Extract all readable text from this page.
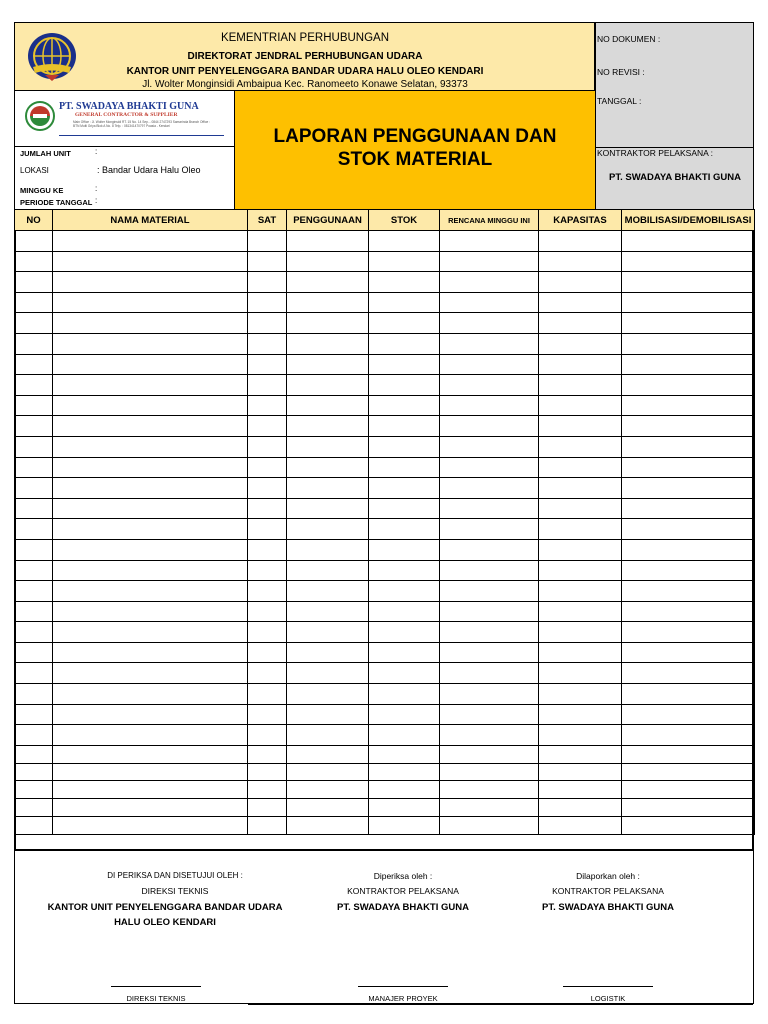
KEMENTRIAN PERHUBUNGAN
DIREKTORAT JENDRAL PERHUBUNGAN UDARA
KANTOR UNIT PENYELENGGARA BANDAR UDARA HALU OLEO KENDARI
Jl. Wolter Monginsidi Ambaipua Kec. Ranomeeto Konawe Selatan, 93373
NO DOKUMEN :
NO REVISI :
TANGGAL :
KONTRAKTOR PELAKSANA :
PT. SWADAYA BHAKTI GUNA
PT. SWADAYA BHAKTI GUNA
GENERAL CONTRACTOR & SUPPLIER
Main Office : Jl. Wolter Monginsidi RT. 15 No. 14 Sep... 0844 2747293 Samarinda Branch Office : BTN Multi Griya Blok A No. 8 Telp. : 081341470797 Poasia - Kendari	LAPORAN PENGGUNAAN DAN
STOK MATERIAL
JUMLAH UNIT	:
LOKASI	: Bandar Udara Halu Oleo
MINGGU KE	:
PERIODE TANGGAL :
NO	NAMA MATERIAL	SAT	PENGGUNAAN	STOK	RENCANA MINGGU INI	KAPASITAS	MOBILISASI/DEMOBILISASI

DI PERIKSA DAN DISETUJUI OLEH :
DIREKSI TEKNIS
KANTOR UNIT PENYELENGGARA BANDAR UDARA
HALU OLEO KENDARI
DIREKSI TEKNIS
Diperiksa oleh :
KONTRAKTOR PELAKSANA
PT. SWADAYA BHAKTI GUNA
MANAJER PROYEK
Dilaporkan oleh :
KONTRAKTOR PELAKSANA
PT. SWADAYA BHAKTI GUNA
LOGISTIK
